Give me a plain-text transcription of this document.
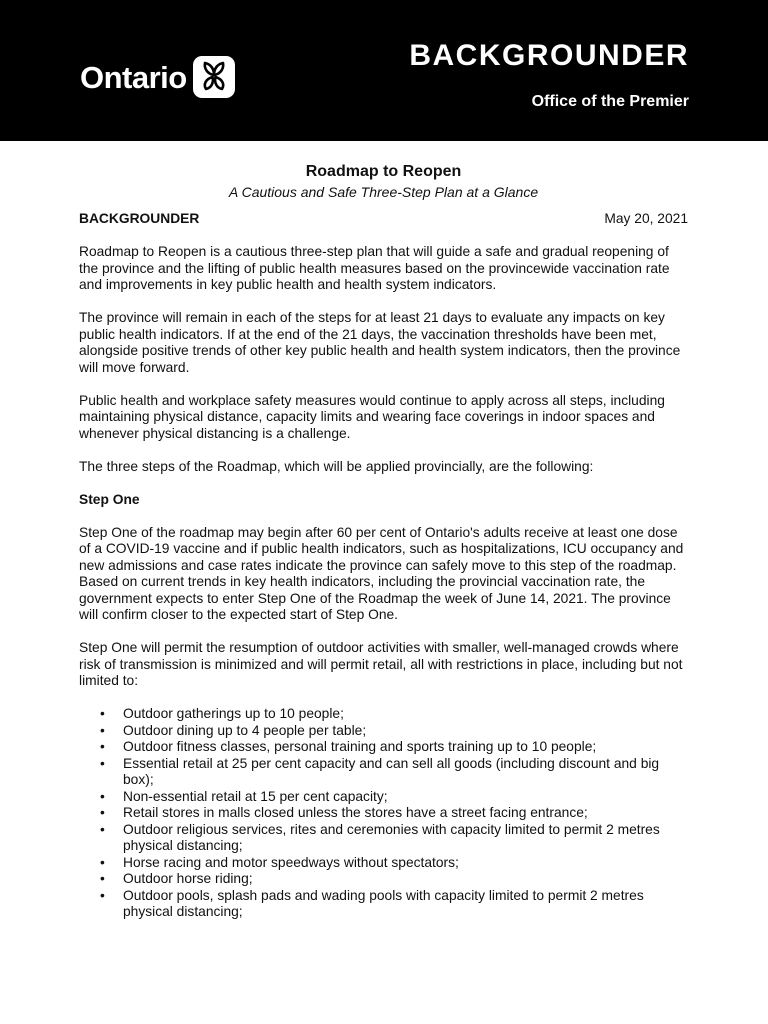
Ontario
BACKGROUNDER
Office of the Premier

Roadmap to Reopen

A Cautious and Safe Three-Step Plan at a Glance

BACKGROUNDER	May 20, 2021

Roadmap to Reopen is a cautious three-step plan that will guide a safe and gradual reopening of the province and the lifting of public health measures based on the provincewide vaccination rate and improvements in key public health and health system indicators.

The province will remain in each of the steps for at least 21 days to evaluate any impacts on key public health indicators. If at the end of the 21 days, the vaccination thresholds have been met, alongside positive trends of other key public health and health system indicators, then the province will move forward.

Public health and workplace safety measures would continue to apply across all steps, including maintaining physical distance, capacity limits and wearing face coverings in indoor spaces and whenever physical distancing is a challenge.

The three steps of the Roadmap, which will be applied provincially, are the following:

Step One

Step One of the roadmap may begin after 60 per cent of Ontario's adults receive at least one dose of a COVID-19 vaccine and if public health indicators, such as hospitalizations, ICU occupancy and new admissions and case rates indicate the province can safely move to this step of the roadmap. Based on current trends in key health indicators, including the provincial vaccination rate, the government expects to enter Step One of the Roadmap the week of June 14, 2021. The province will confirm closer to the expected start of Step One.

Step One will permit the resumption of outdoor activities with smaller, well-managed crowds where risk of transmission is minimized and will permit retail, all with restrictions in place, including but not limited to:

• Outdoor gatherings up to 10 people;
• Outdoor dining up to 4 people per table;
• Outdoor fitness classes, personal training and sports training up to 10 people;
• Essential retail at 25 per cent capacity and can sell all goods (including discount and big box);
• Non-essential retail at 15 per cent capacity;
• Retail stores in malls closed unless the stores have a street facing entrance;
• Outdoor religious services, rites and ceremonies with capacity limited to permit 2 metres physical distancing;
• Horse racing and motor speedways without spectators;
• Outdoor horse riding;
• Outdoor pools, splash pads and wading pools with capacity limited to permit 2 metres physical distancing;
